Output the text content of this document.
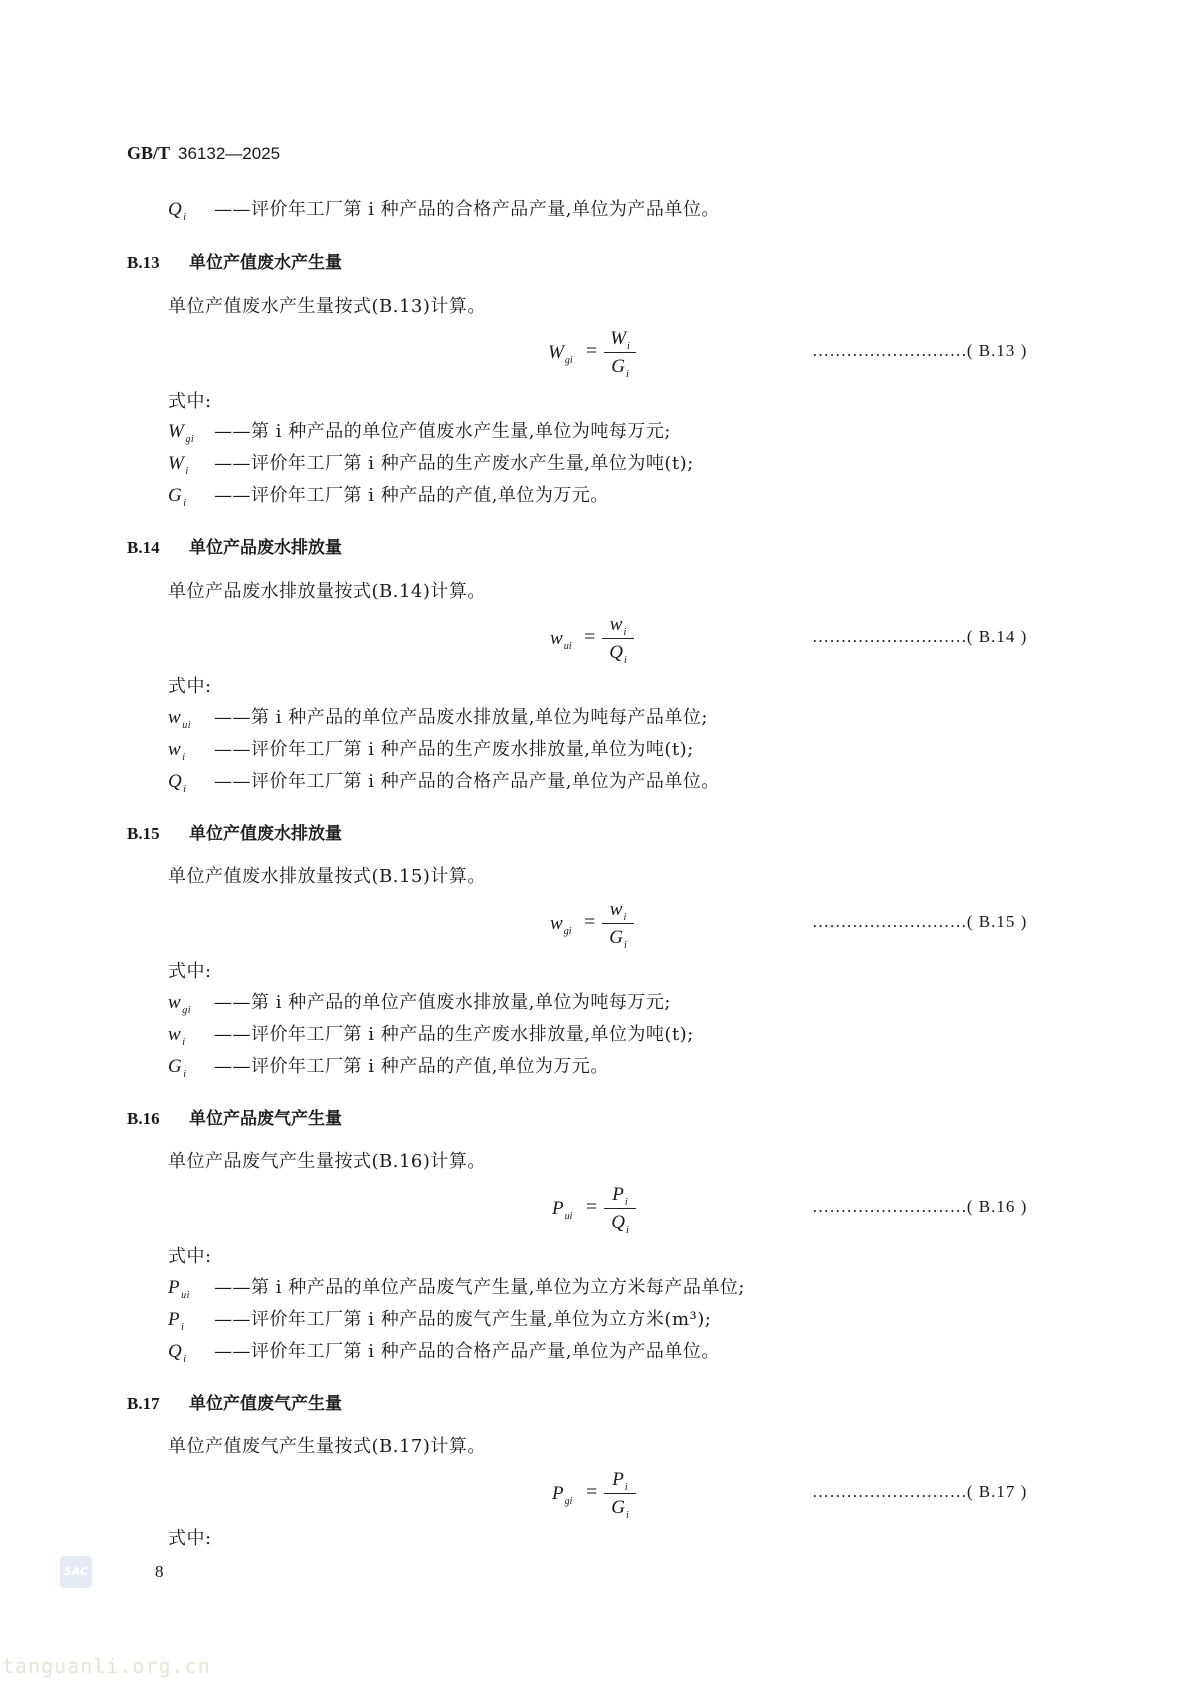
GB/T 36132—2025
$Q_i$ ——评价年工厂第 i 种产品的合格产品产量,单位为产品单位。
B.13 单位产值废水产生量
单位产值废水产生量按式(B.13)计算。
$W_{gi} = \frac{W_i}{G_i}$	………………………( B.13 )
式中:
$W_{gi}$ ——第 i 种产品的单位产值废水产生量,单位为吨每万元;
$W_i$ ——评价年工厂第 i 种产品的生产废水产生量,单位为吨(t);
$G_i$ ——评价年工厂第 i 种产品的产值,单位为万元。
B.14 单位产品废水排放量
单位产品废水排放量按式(B.14)计算。
$w_{ui} = \frac{w_i}{Q_i}$	………………………( B.14 )
式中:
$w_{ui}$ ——第 i 种产品的单位产品废水排放量,单位为吨每产品单位;
$w_i$ ——评价年工厂第 i 种产品的生产废水排放量,单位为吨(t);
$Q_i$ ——评价年工厂第 i 种产品的合格产品产量,单位为产品单位。
B.15 单位产值废水排放量
单位产值废水排放量按式(B.15)计算。
$w_{gi} = \frac{w_i}{G_i}$	………………………( B.15 )
式中:
$w_{gi}$ ——第 i 种产品的单位产值废水排放量,单位为吨每万元;
$w_i$ ——评价年工厂第 i 种产品的生产废水排放量,单位为吨(t);
$G_i$ ——评价年工厂第 i 种产品的产值,单位为万元。
B.16 单位产品废气产生量
单位产品废气产生量按式(B.16)计算。
$P_{ui} = \frac{P_i}{Q_i}$	………………………( B.16 )
式中:
$P_{ui}$ ——第 i 种产品的单位产品废气产生量,单位为立方米每产品单位;
$P_i$ ——评价年工厂第 i 种产品的废气产生量,单位为立方米(m³);
$Q_i$ ——评价年工厂第 i 种产品的合格产品产量,单位为产品单位。
B.17 单位产值废气产生量
单位产值废气产生量按式(B.17)计算。
$P_{gi} = \frac{P_i}{G_i}$	………………………( B.17 )
式中:
SAC	8
tanguanli.org.cn
